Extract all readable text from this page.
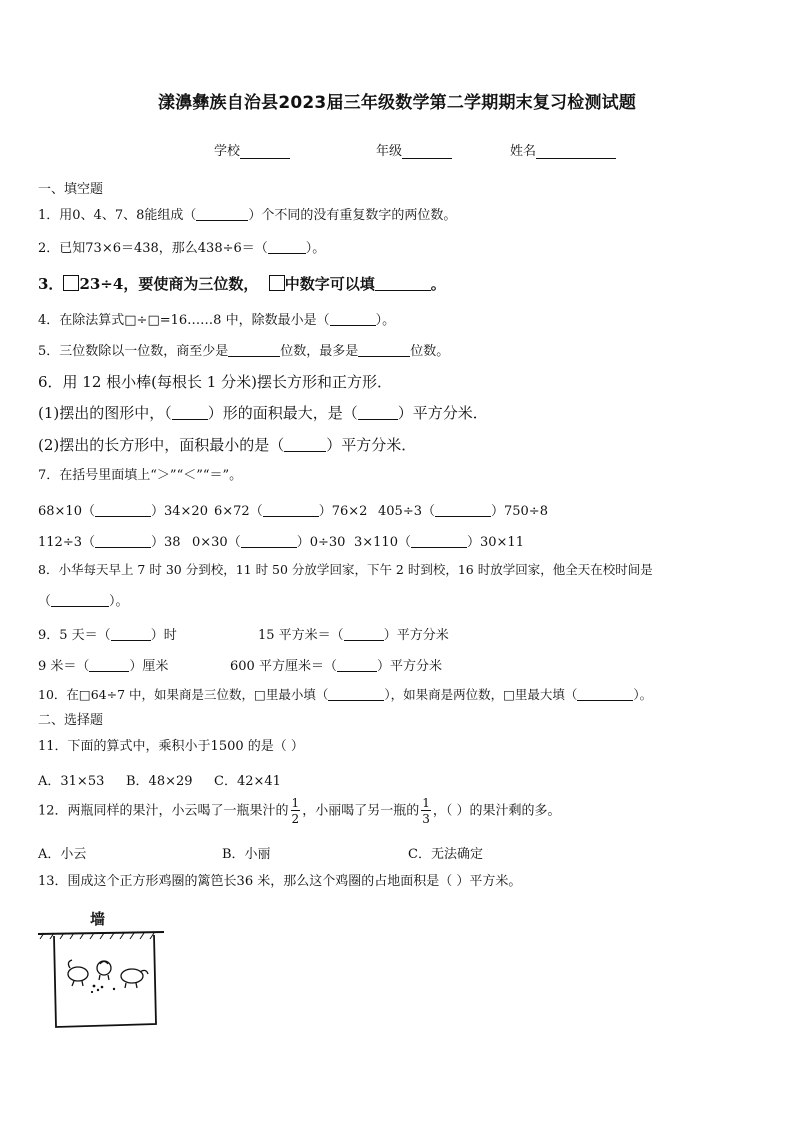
漾濞彝族自治县2023届三年级数学第二学期期末复习检测试题
学校	年级	姓名
一、填空题
1．用0、4、7、8能组成（	）个不同的没有重复数字的两位数。
2．已知73×6＝438，那么438÷6＝（	）。
3． 23÷4，要使商为三位数， 中数字可以填	。
4．在除法算式□÷□=16……8 中，除数最小是（	）。
5．三位数除以一位数，商至少是	位数，最多是	位数。
6．用 12 根小棒(每根长 1 分米)摆长方形和正方形．
(1)摆出的图形中，（ ）形的面积最大，是（	）平方分米．
(2)摆出的长方形中，面积最小的是（	）平方分米．
7．在括号里面填上“＞”“＜”“＝”。
68×10（	）34×20 6×72（	）76×2 405÷3（	）750÷8
112÷3（	）38 0×30（	）0÷30 3×110（	）30×11
8．小华每天早上 7 时 30 分到校，11 时 50 分放学回家，下午 2 时到校，16 时放学回家，他全天在校时间是
（	）。
9．5 天＝（	）时	15 平方米＝（	）平方分米
9 米＝（	）厘米	600 平方厘米＝（	）平方分米
10．在□64÷7 中，如果商是三位数，□里最小填（	），如果商是两位数，□里最大填（	）。
二、选择题
11．下面的算式中，乘积小于1500 的是（ ）
A．31×53 B．48×29 C．42×41
12．两瓶同样的果汁，小云喝了一瓶果汁的 $\frac{1}{2}$ ，小丽喝了另一瓶的 $\frac{1}{3}$ ，（ ）的果汁剩的多。
A．小云	B．小丽	C．无法确定
13．围成这个正方形鸡圈的篱笆长36 米，那么这个鸡圈的占地面积是（ ）平方米。
墙
